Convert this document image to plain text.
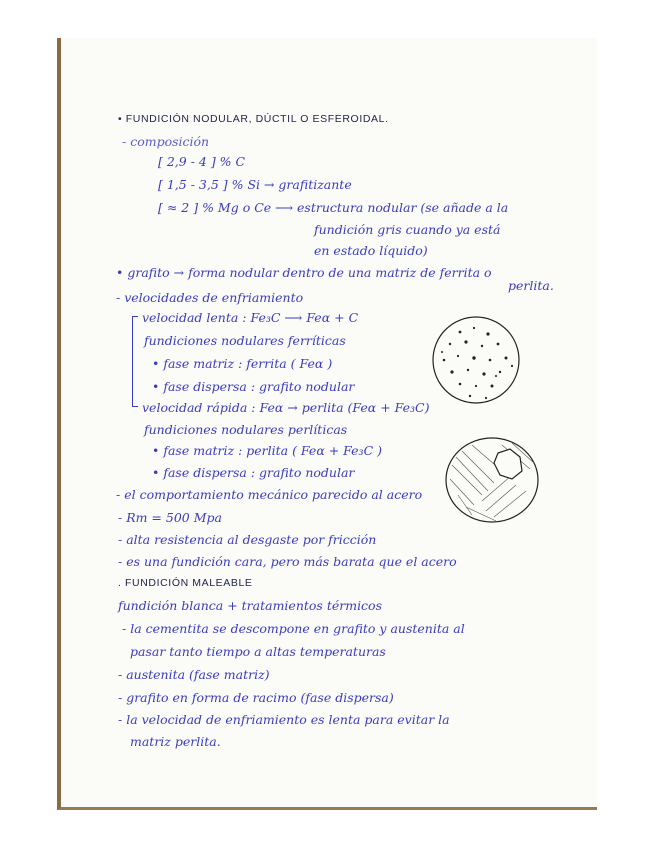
• FUNDICIÓN NODULAR, DÚCTIL O ESFEROIDAL.
- composición
[ 2,9 - 4 ] % C
[ 1,5 - 3,5 ] % Si → grafitizante
[ ≈ 2 ] % Mg o Ce ⟶ estructura nodular (se añade a la
fundición gris cuando ya está
en estado líquido)
• grafito → forma nodular dentro de una matriz de ferrita o
perlita.
- velocidades de enfriamiento
velocidad lenta : Fe₃C ⟶ Feα + C
fundiciones nodulares ferríticas
• fase matriz : ferrita ( Feα )
• fase dispersa : grafito nodular
velocidad rápida : Feα → perlita (Feα + Fe₃C)
fundiciones nodulares perlíticas
• fase matriz : perlita ( Feα + Fe₃C )
• fase dispersa : grafito nodular
- el comportamiento mecánico parecido al acero
- Rm = 500 Mpa
- alta resistencia al desgaste por fricción
- es una fundición cara, pero más barata que el acero
. FUNDICIÓN MALEABLE
fundición blanca + tratamientos térmicos
- la cementita se descompone en grafito y austenita al
pasar tanto tiempo a altas temperaturas
- austenita (fase matriz)
- grafito en forma de racimo (fase dispersa)
- la velocidad de enfriamiento es lenta para evitar la
matriz perlita.
